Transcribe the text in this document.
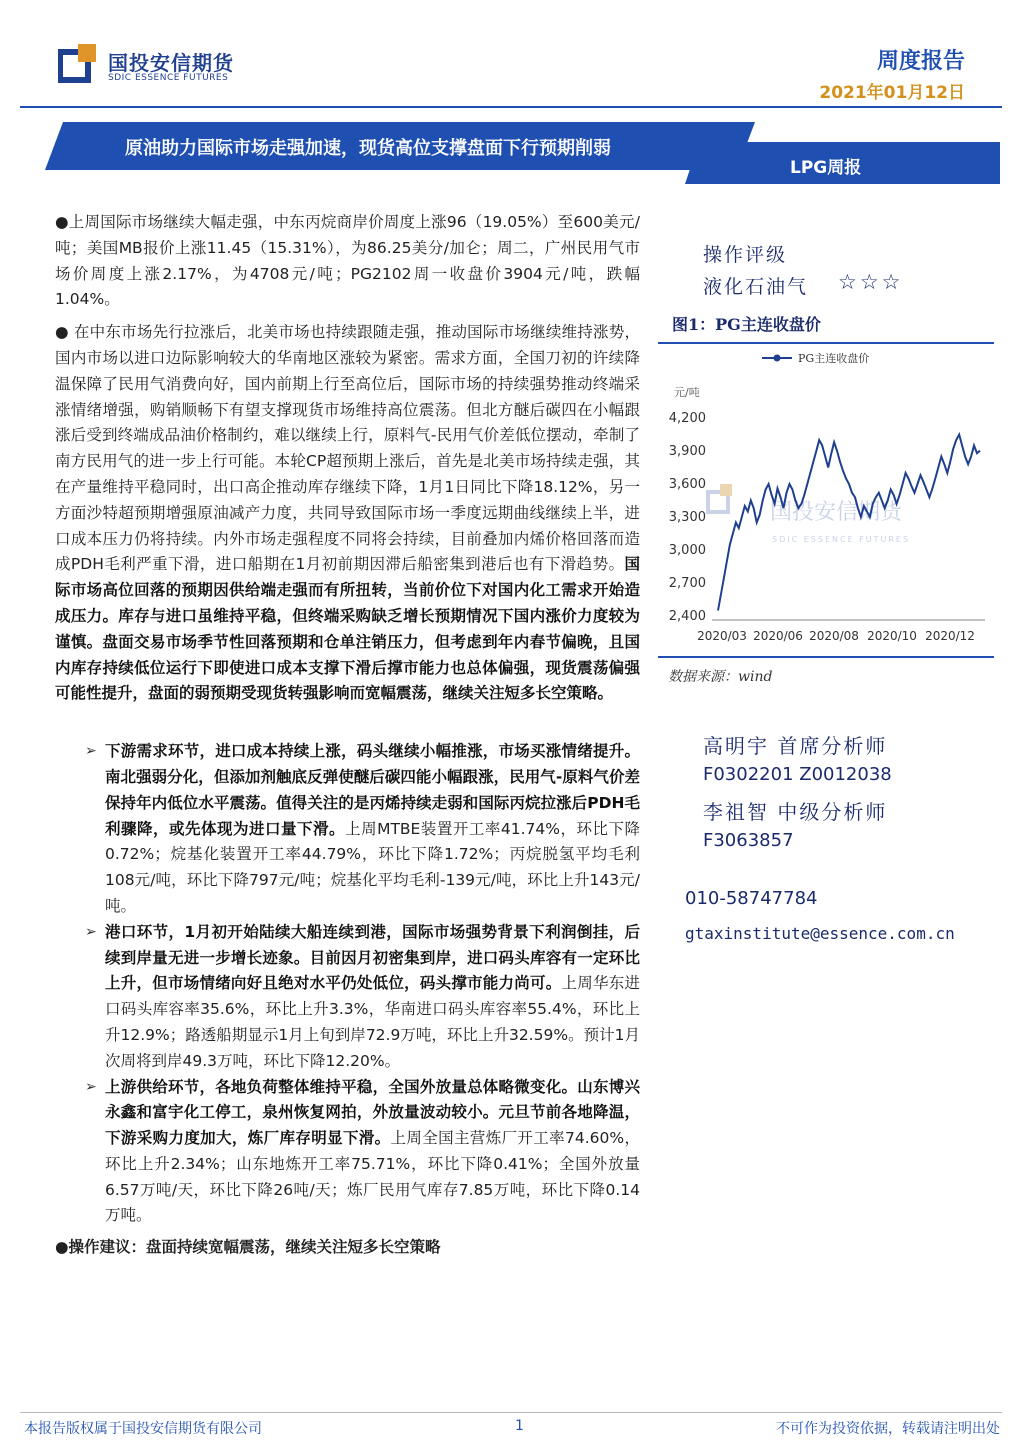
国投安信期货
SDIC ESSENCE FUTURES
周度报告
2021年01月12日
原油助力国际市场走强加速，现货高位支撑盘面下行预期削弱
LPG周报

●上周国际市场继续大幅走强，中东丙烷商岸价周度上涨96（19.05%）至600美元/吨；美国MB报价上涨11.45（15.31%），为86.25美分/加仑；周二，广州民用气市场价周度上涨2.17%，为4708元/吨；PG2102周一收盘价3904元/吨，跌幅1.04%。

● 在中东市场先行拉涨后，北美市场也持续跟随走强，推动国际市场继续维持涨势，国内市场以进口边际影响较大的华南地区涨较为紧密。需求方面，全国刀初的许续降温保障了民用气消费向好，国内前期上行至高位后，国际市场的持续强势推动终端采涨情绪增强，购销顺畅下有望支撑现货市场维持高位震荡。但北方醚后碳四在小幅跟涨后受到终端成品油价格制约，难以继续上行，原料气-民用气价差低位摆动，牵制了南方民用气的进一步上行可能。本轮CP超预期上涨后，首先是北美市场持续走强，其在产量维持平稳同时，出口高企推动库存继续下降，1月1日同比下降18.12%，另一方面沙特超预期增强原油减产力度，共同导致国际市场一季度远期曲线继续上半，进口成本压力仍将持续。内外市场走强程度不同将会持续，目前叠加内烯价格回落而造成PDH毛利严重下滑，进口船期在1月初前期因滞后船密集到港后也有下滑趋势。国际市场高位回落的预期因供给端走强而有所扭转，当前价位下对国内化工需求开始造成压力。库存与进口虽维持平稳，但终端采购缺乏增长预期情况下国内涨价力度较为谨慎。盘面交易市场季节性回落预期和仓单注销压力，但考虑到年内春节偏晚，且国内库存持续低位运行下即使进口成本支撑下滑后撑市能力也总体偏强，现货震荡偏强可能性提升，盘面的弱预期受现货转强影响而宽幅震荡，继续关注短多长空策略。

➢ 下游需求环节，进口成本持续上涨，码头继续小幅推涨，市场买涨情绪提升。南北强弱分化，但添加剂触底反弹使醚后碳四能小幅跟涨，民用气-原料气价差保持年内低位水平震荡。值得关注的是丙烯持续走弱和国际丙烷拉涨后PDH毛利骤降，或先体现为进口量下滑。上周MTBE装置开工率41.74%，环比下降0.72%；烷基化装置开工率44.79%，环比下降1.72%；丙烷脱氢平均毛利108元/吨，环比下降797元/吨；烷基化平均毛利-139元/吨，环比上升143元/吨。

➢ 港口环节，1月初开始陆续大船连续到港，国际市场强势背景下利润倒挂，后续到岸量无进一步增长迹象。目前因月初密集到岸，进口码头库容有一定环比上升，但市场情绪向好且绝对水平仍处低位，码头撑市能力尚可。上周华东进口码头库容率35.6%，环比上升3.3%，华南进口码头库容率55.4%，环比上升12.9%；路透船期显示1月上旬到岸72.9万吨，环比上升32.59%。预计1月次周将到岸49.3万吨，环比下降12.20%。

➢ 上游供给环节，各地负荷整体维持平稳，全国外放量总体略微变化。山东博兴永鑫和富宇化工停工，泉州恢复网拍，外放量波动较小。元旦节前各地降温，下游采购力度加大，炼厂库存明显下滑。上周全国主营炼厂开工率74.60%，环比上升2.34%；山东地炼开工率75.71%，环比下降0.41%；全国外放量6.57万吨/天，环比下降26吨/天；炼厂民用气库存7.85万吨，环比下降0.14万吨。

●操作建议：盘面持续宽幅震荡，继续关注短多长空策略

操作评级
液化石油气 ☆☆☆
图1：PG主连收盘价
国投安信期货
SDIC ESSENCE FUTURES
PG主连收盘价
元/吨
4,200
3,900
3,600
3,300
3,000
2,700
2,400
2020/03 2020/06 2020/08 2020/10 2020/12
数据来源：wind
高明宇 首席分析师
F0302201 Z0012038
李祖智 中级分析师
F3063857
010-58747784
gtaxinstitute@essence.com.cn
本报告版权属于国投安信期货有限公司	1	不可作为投资依据，转载请注明出处
